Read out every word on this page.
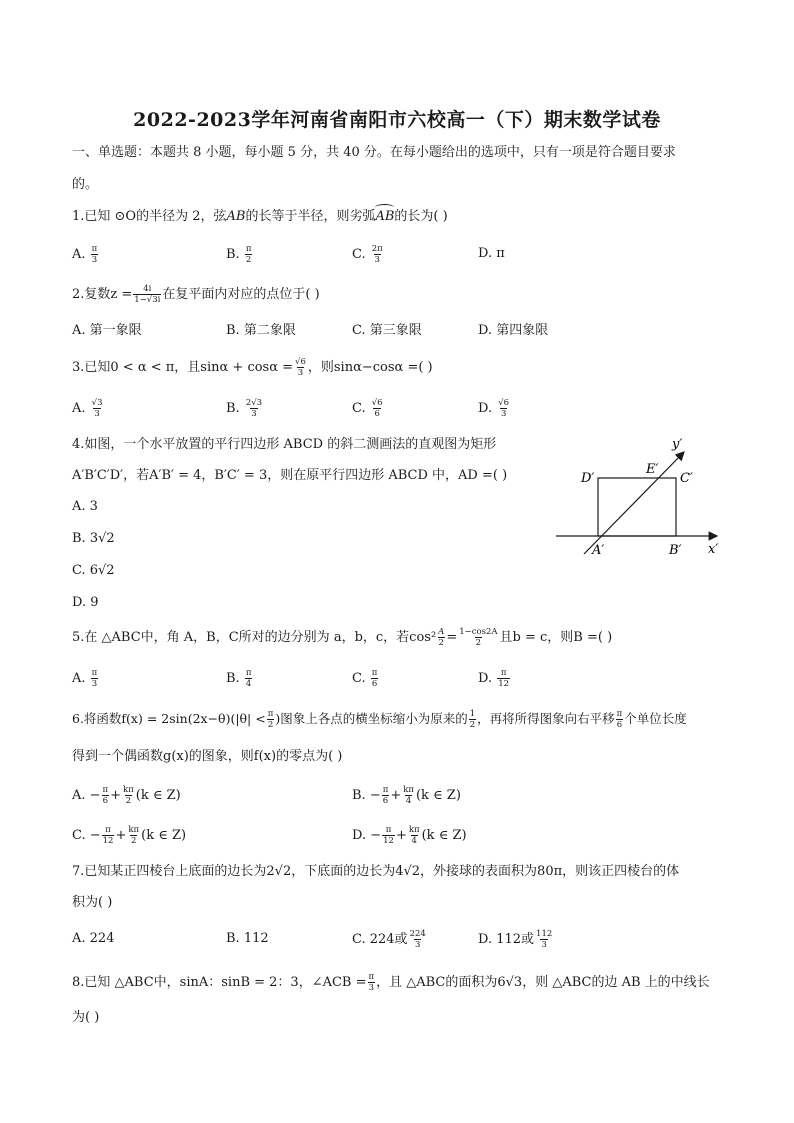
2022-2023学年河南省南阳市六校高一（下）期末数学试卷
一、单选题：本题共 8 小题，每小题 5 分，共 40 分。在每小题给出的选项中，只有一项是符合题目要求
的。
1.已知 ⊙O的半径为 2，弦AB的长等于半径，则劣弧AB的长为( )
A. $\frac{\pi}{3}$	B. $\frac{\pi}{2}$	C. $\frac{2\pi}{3}$	D. π
2.复数$z = \frac{4i}{1-√3i}$ 在复平面内对应的点位于( )
A. 第一象限	B. 第二象限	C. 第三象限	D. 第四象限
3.已知0 < α < π，且$\sin\alpha + \cos\alpha = \frac{√6}{3}$ ，则sinα−cosα =( )
A. $\frac{√3}{3}$	B. $\frac{2√3}{3}$	C. $\frac{√6}{6}$	D. $\frac{√6}{3}$
4.如图，一个水平放置的平行四边形 ABCD 的斜二测画法的直观图为矩形
A′B′C′D′，若A′B′ = 4，B′C′ = 3，则在原平行四边形 ABCD 中，AD =( )
A. 3
B. 3√2
C. 6√2
D. 9
D′
E′
C′
A′	B′ x′
y′
5.在 △ABC中，角 A，B，C所对的边分别为 a，b，c，若$\cos^2 \frac{A}{2} = \frac{1-\cos 2A}{2}$ 且b = c，则B =( )
A. $\frac{\pi}{3}$	B. $\frac{\pi}{4}$	C. $\frac{\pi}{6}$	D. $\frac{\pi}{12}$
6.将函数$f(x) = 2\sin(2x-\theta)(|\theta| < \frac{\pi}{2}$ )图象上各点的横坐标缩小为原来的 $\frac{1}{2}$ ，再将所得图象向右平移 $\frac{\pi}{6}$ 个单位长度
得到一个偶函数g(x)的图象，则f(x)的零点为( )
A. − $\frac{\pi}{6} + \frac{k\pi}{2} (k$ ∈ Z)	B. − $\frac{\pi}{6} + \frac{k\pi}{4} (k$ ∈ Z)
C. − $\frac{\pi}{12} + \frac{k\pi}{2} (k$ ∈ Z)	D. − $\frac{\pi}{12} + \frac{k\pi}{4} (k$ ∈ Z)
7.已知某正四棱台上底面的边长为2√2，下底面的边长为4√2，外接球的表面积为80π，则该正四棱台的体
积为( )
A. 224	B. 112	C. 224或 $\frac{224}{3}$	D. 112或 $\frac{112}{3}$
8.已知 △ABC中，sinA：sinB = 2：3，∠ACB = $\frac{\pi}{3}$ ，且 △ABC的面积为6√3，则 △ABC的边 AB 上的中线长
为( )
